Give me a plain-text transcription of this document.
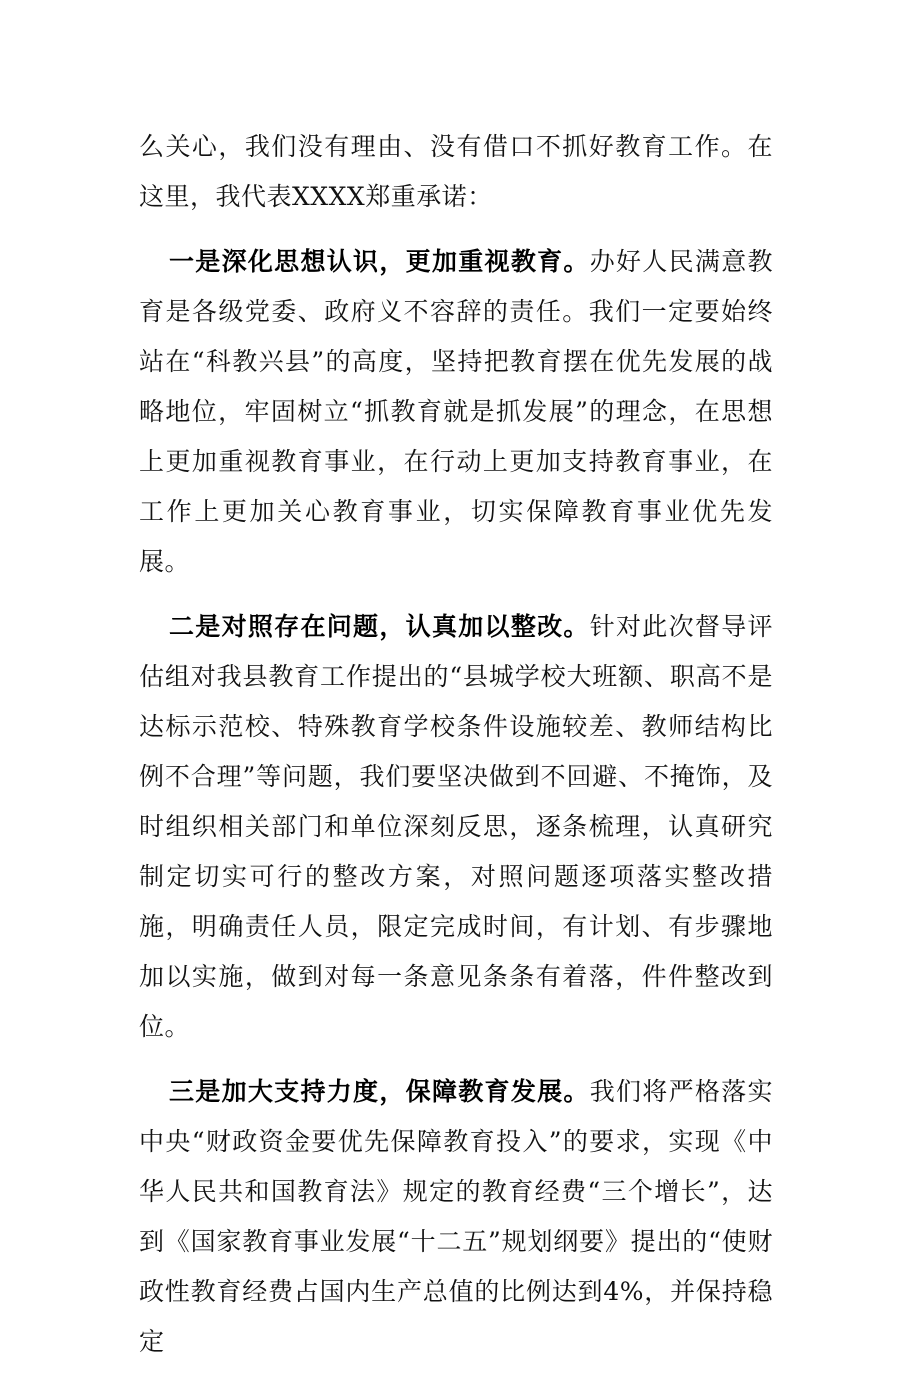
么关心，我们没有理由、没有借口不抓好教育工作。在这里，我代表XXXX郑重承诺：

一是深化思想认识，更加重视教育。办好人民满意教育是各级党委、政府义不容辞的责任。我们一定要始终站在“科教兴县”的高度，坚持把教育摆在优先发展的战略地位，牢固树立“抓教育就是抓发展”的理念，在思想上更加重视教育事业，在行动上更加支持教育事业，在工作上更加关心教育事业，切实保障教育事业优先发展。

二是对照存在问题，认真加以整改。针对此次督导评估组对我县教育工作提出的“县城学校大班额、职高不是达标示范校、特殊教育学校条件设施较差、教师结构比例不合理”等问题，我们要坚决做到不回避、不掩饰，及时组织相关部门和单位深刻反思，逐条梳理，认真研究制定切实可行的整改方案，对照问题逐项落实整改措施，明确责任人员，限定完成时间，有计划、有步骤地加以实施，做到对每一条意见条条有着落，件件整改到位。

三是加大支持力度，保障教育发展。我们将严格落实中央“财政资金要优先保障教育投入”的要求，实现《中华人民共和国教育法》规定的教育经费“三个增长”，达到《国家教育事业发展“十二五”规划纲要》提出的“使财政性教育经费占国内生产总值的比例达到4%，并保持稳定
